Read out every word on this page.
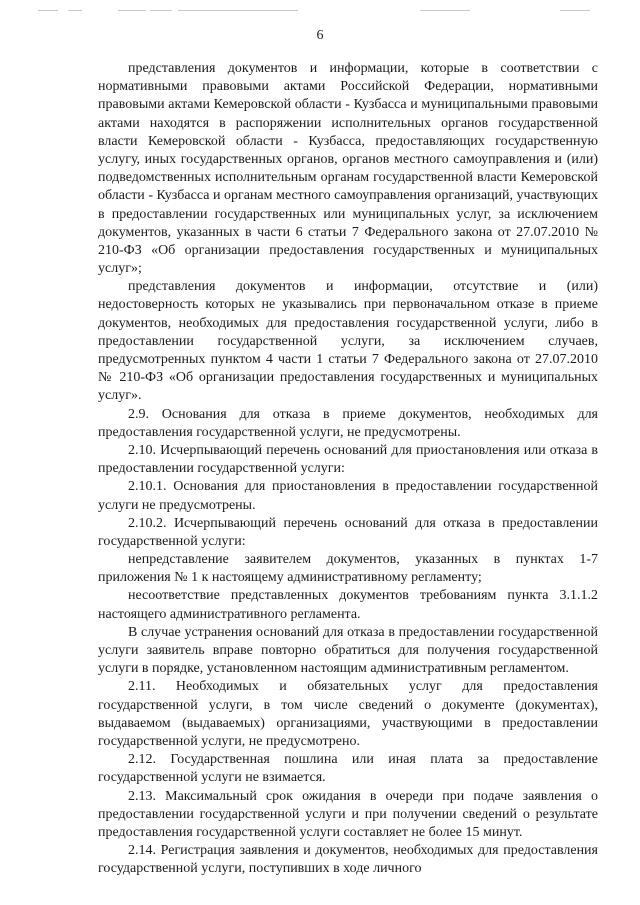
6

представления документов и информации, которые в соответствии с нормативными правовыми актами Российской Федерации, нормативными правовыми актами Кемеровской области - Кузбасса и муниципальными правовыми актами находятся в распоряжении исполнительных органов государственной власти Кемеровской области - Кузбасса, предоставляющих государственную услугу, иных государственных органов, органов местного самоуправления и (или) подведомственных исполнительным органам государственной власти Кемеровской области - Кузбасса и органам местного самоуправления организаций, участвующих в предоставлении государственных или муниципальных услуг, за исключением документов, указанных в части 6 статьи 7 Федерального закона от 27.07.2010 № 210-ФЗ «Об организации предоставления государственных и муниципальных услуг»;

представления документов и информации, отсутствие и (или) недостоверность которых не указывались при первоначальном отказе в приеме документов, необходимых для предоставления государственной услуги, либо в предоставлении государственной услуги, за исключением случаев, предусмотренных пунктом 4 части 1 статьи 7 Федерального закона от 27.07.2010 № 210-ФЗ «Об организации предоставления государственных и муниципальных услуг».

2.9. Основания для отказа в приеме документов, необходимых для предоставления государственной услуги, не предусмотрены.

2.10. Исчерпывающий перечень оснований для приостановления или отказа в предоставлении государственной услуги:

2.10.1. Основания для приостановления в предоставлении государственной услуги не предусмотрены.

2.10.2. Исчерпывающий перечень оснований для отказа в предоставлении государственной услуги:

непредставление заявителем документов, указанных в пунктах 1-7 приложения № 1 к настоящему административному регламенту;

несоответствие представленных документов требованиям пункта 3.1.1.2 настоящего административного регламента.

В случае устранения оснований для отказа в предоставлении государственной услуги заявитель вправе повторно обратиться для получения государственной услуги в порядке, установленном настоящим административным регламентом.

2.11. Необходимых и обязательных услуг для предоставления государственной услуги, в том числе сведений о документе (документах), выдаваемом (выдаваемых) организациями, участвующими в предоставлении государственной услуги, не предусмотрено.

2.12. Государственная пошлина или иная плата за предоставление государственной услуги не взимается.

2.13. Максимальный срок ожидания в очереди при подаче заявления о предоставлении государственной услуги и при получении сведений о результате предоставления государственной услуги составляет не более 15 минут.

2.14. Регистрация заявления и документов, необходимых для предоставления государственной услуги, поступивших в ходе личного
